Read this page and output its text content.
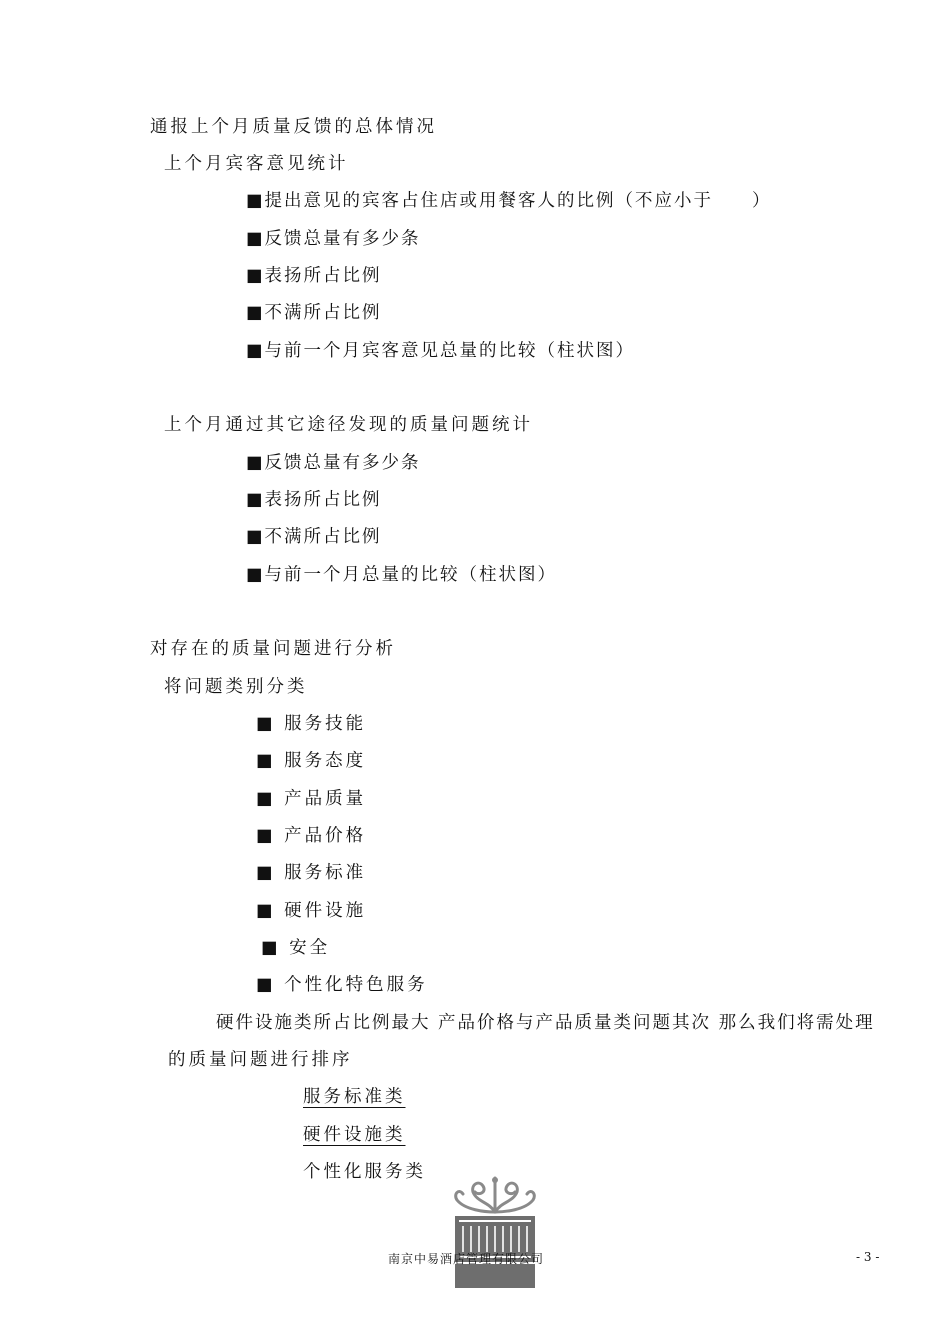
通报上个月质量反馈的总体情况
上个月宾客意见统计
■提出意见的宾客占住店或用餐客人的比例（不应小于　　）
■反馈总量有多少条
■表扬所占比例
■不满所占比例
■与前一个月宾客意见总量的比较（柱状图）
上个月通过其它途径发现的质量问题统计
■反馈总量有多少条
■表扬所占比例
■不满所占比例
■与前一个月总量的比较（柱状图）
对存在的质量问题进行分析
将问题类别分类
■ 服务技能
■ 服务态度
■ 产品质量
■ 产品价格
■ 服务标准
■ 硬件设施
■ 安全
■ 个性化特色服务
硬件设施类所占比例最大 产品价格与产品质量类问题其次 那么我们将需处理
的质量问题进行排序
服务标准类
硬件设施类
个性化服务类
南京中易酒店管理有限公司	- 3 -
